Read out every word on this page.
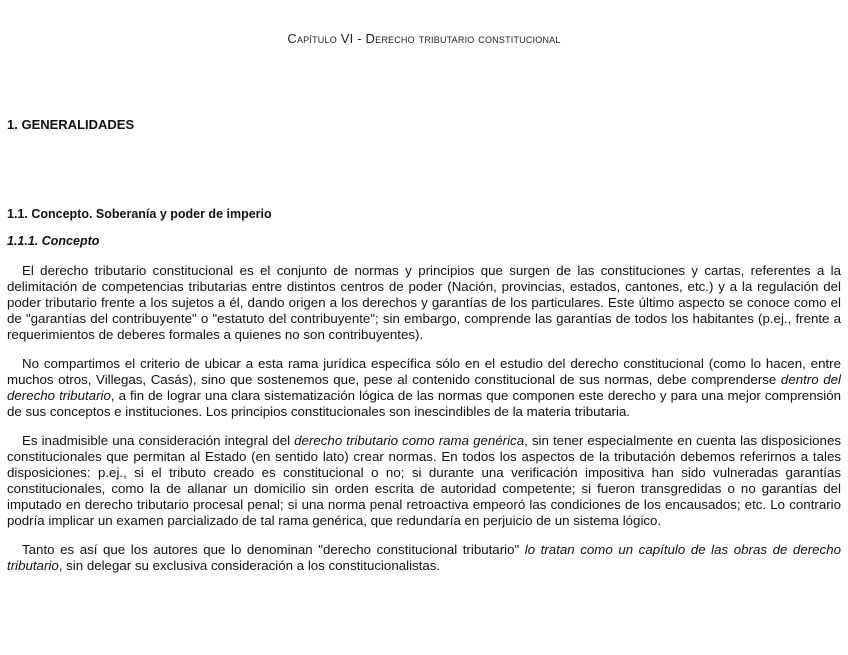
Capítulo VI - Derecho tributario constitucional
1. GENERALIDADES
1.1. Concepto. Soberanía y poder de imperio
1.1.1. Concepto

El derecho tributario constitucional es el conjunto de normas y principios que surgen de las constituciones y cartas, referentes a la delimitación de competencias tributarias entre distintos centros de poder (Nación, provincias, estados, cantones, etc.) y a la regulación del poder tributario frente a los sujetos a él, dando origen a los derechos y garantías de los particulares. Este último aspecto se conoce como el de "garantías del contribuyente" o "estatuto del contribuyente"; sin embargo, comprende las garantías de todos los habitantes (p.ej., frente a requerimientos de deberes formales a quienes no son contribuyentes).

No compartimos el criterio de ubicar a esta rama jurídica específica sólo en el estudio del derecho constitucional (como lo hacen, entre muchos otros, Villegas, Casás), sino que sostenemos que, pese al contenido constitucional de sus normas, debe comprenderse dentro del derecho tributario, a fin de lograr una clara sistematización lógica de las normas que componen este derecho y para una mejor comprensión de sus conceptos e instituciones. Los principios constitucionales son inescindibles de la materia tributaria.

Es inadmisible una consideración integral del derecho tributario como rama genérica, sin tener especialmente en cuenta las disposiciones constitucionales que permitan al Estado (en sentido lato) crear normas. En todos los aspectos de la tributación debemos referirnos a tales disposiciones: p.ej., si el tributo creado es constitucional o no; si durante una verificación impositiva han sido vulneradas garantías constitucionales, como la de allanar un domicilio sin orden escrita de autoridad competente; si fueron transgredidas o no garantías del imputado en derecho tributario procesal penal; si una norma penal retroactiva empeoró las condiciones de los encausados; etc. Lo contrario podría implicar un examen parcializado de tal rama genérica, que redundaría en perjuicio de un sistema lógico.

Tanto es así que los autores que lo denominan "derecho constitucional tributario" lo tratan como un capítulo de las obras de derecho tributario, sin delegar su exclusiva consideración a los constitucionalistas.
